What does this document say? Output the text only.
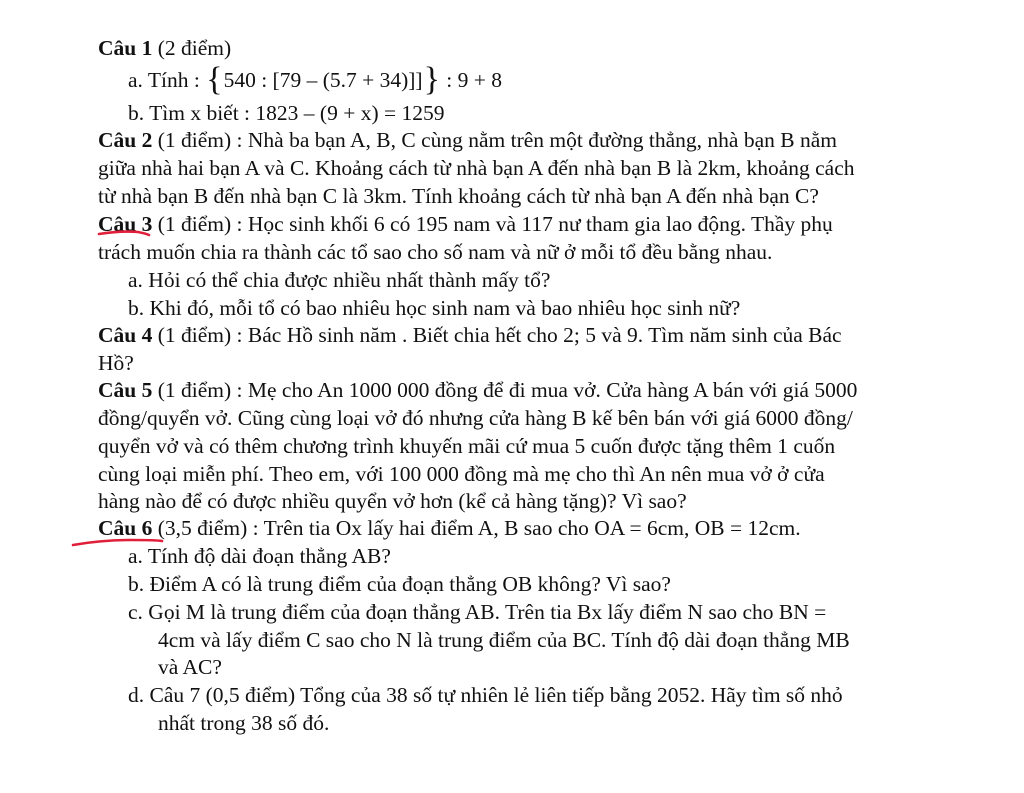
Câu 1 (2 điểm)
a. Tính : {540 : [79 – (5.7 + 34)]]} : 9 + 8
b. Tìm x biết : 1823 – (9 + x) = 1259
Câu 2 (1 điểm) : Nhà ba bạn A, B, C cùng nằm trên một đường thẳng, nhà bạn B nằm
giữa nhà hai bạn A và C. Khoảng cách từ nhà bạn A đến nhà bạn B là 2km, khoảng cách
từ nhà bạn B đến nhà bạn C là 3km. Tính khoảng cách từ nhà bạn A đến nhà bạn C?
Câu 3 (1 điểm) : Học sinh khối 6 có 195 nam và 117 nư tham gia lao động. Thầy phụ
trách muốn chia ra thành các tổ sao cho số nam và nữ ở mỗi tổ đều bằng nhau.
a. Hỏi có thể chia được nhiều nhất thành mấy tổ?
b. Khi đó, mỗi tổ có bao nhiêu học sinh nam và bao nhiêu học sinh nữ?
Câu 4 (1 điểm) : Bác Hồ sinh năm . Biết chia hết cho 2; 5 và 9. Tìm năm sinh của Bác
Hồ?
Câu 5 (1 điểm) : Mẹ cho An 1000 000 đồng để đi mua vở. Cửa hàng A bán với giá 5000
đồng/quyển vở. Cũng cùng loại vở đó nhưng cửa hàng B kế bên bán với giá 6000 đồng/
quyển vở và có thêm chương trình khuyến mãi cứ mua 5 cuốn được tặng thêm 1 cuốn
cùng loại miễn phí. Theo em, với 100 000 đồng mà mẹ cho thì An nên mua vở ở cửa
hàng nào để có được nhiều quyển vở hơn (kể cả hàng tặng)? Vì sao?
Câu 6 (3,5 điểm) : Trên tia Ox lấy hai điểm A, B sao cho OA = 6cm, OB = 12cm.
a. Tính độ dài đoạn thẳng AB?
b. Điểm A có là trung điểm của đoạn thẳng OB không? Vì sao?
c. Gọi M là trung điểm của đoạn thẳng AB. Trên tia Bx lấy điểm N sao cho BN =
4cm và lấy điểm C sao cho N là trung điểm của BC. Tính độ dài đoạn thẳng MB
và AC?
d. Câu 7 (0,5 điểm) Tổng của 38 số tự nhiên lẻ liên tiếp bằng 2052. Hãy tìm số nhỏ
nhất trong 38 số đó.
